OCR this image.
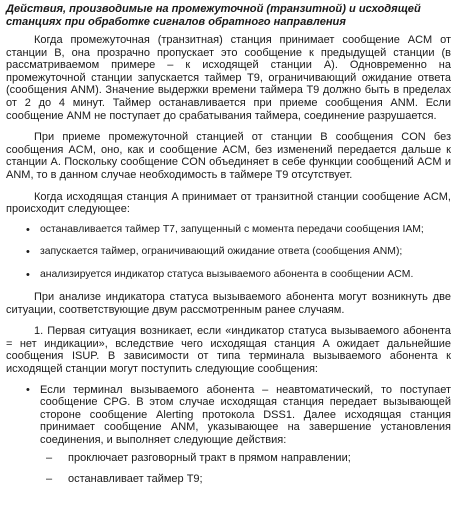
Действия, производимые на промежуточной (транзитной) и исходящей станциях при обработке сигналов обратного направления

Когда промежуточная (транзитная) станция принимает сообщение ACM от станции B, она прозрачно пропускает это сообщение к предыдущей станции (в рассматриваемом примере – к исходящей станции A). Одновременно на промежуточной станции запускается таймер T9, ограничивающий ожидание ответа (сообщения ANM). Значение выдержки времени таймера T9 должно быть в пределах от 2 до 4 минут. Таймер останавливается при приеме сообщения ANM. Если сообщение ANM не поступает до срабатывания таймера, соединение разрушается.

При приеме промежуточной станцией от станции B сообщения CON без сообщения ACM, оно, как и сообщение ACM, без изменений передается дальше к станции A. Поскольку сообщение CON объединяет в себе функции сообщений ACM и ANM, то в данном случае необходимость в таймере T9 отсутствует.

Когда исходящая станция A принимает от транзитной станции сообщение ACM, происходит следующее:

• останавливается таймер T7, запущенный с момента передачи сообщения IAM;
• запускается таймер, ограничивающий ожидание ответа (сообщения ANM);
• анализируется индикатор статуса вызываемого абонента в сообщении ACM.

При анализе индикатора статуса вызываемого абонента могут возникнуть две ситуации, соответствующие двум рассмотренным ранее случаям.

1. Первая ситуация возникает, если «индикатор статуса вызываемого абонента = нет индикации», вследствие чего исходящая станция A ожидает дальнейшие сообщения ISUP. В зависимости от типа терминала вызываемого абонента к исходящей станции могут поступить следующие сообщения:

• Если терминал вызываемого абонента – неавтоматический, то поступает сообщение CPG. В этом случае исходящая станция передает вызывающей стороне сообщение Alerting протокола DSS1. Далее исходящая станция принимает сообщение ANM, указывающее на завершение установления соединения, и выполняет следующие действия:
– проключает разговорный тракт в прямом направлении;
– останавливает таймер T9;
